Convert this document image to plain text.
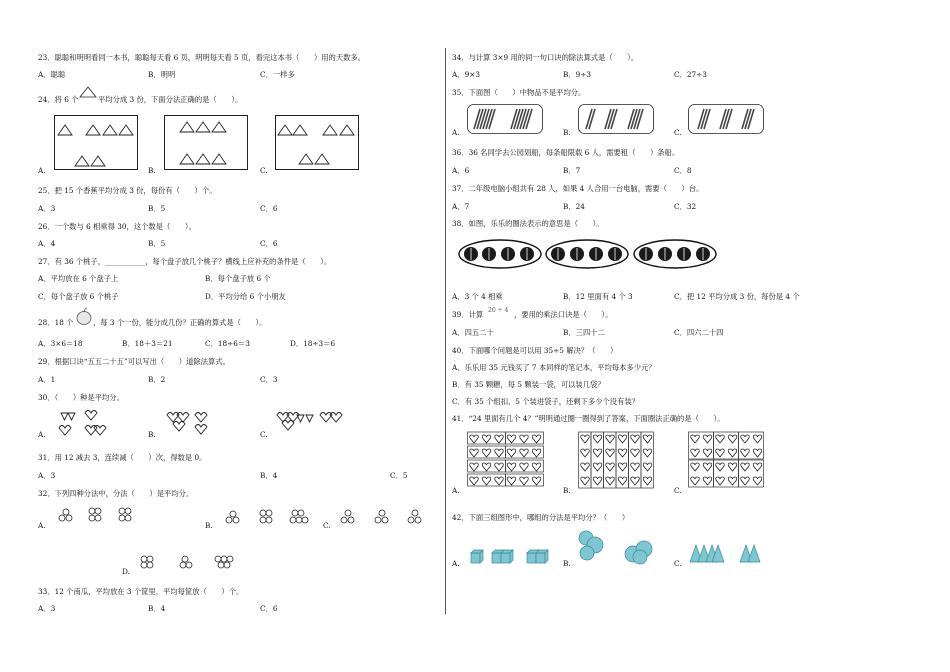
23．聪聪和明明看同一本书，聪聪每天看 6 页，明明每天看 5 页，看完这本书（　　）用的天数多。
A．聪聪	B．明明	C．一样多
24．将 6 个	平均分成 3 份，下面分法正确的是（　　）。
A.	B.	C.
25．把 15 个香蕉平均分成 3 份，每份有（　　）个。
A．3	B．5	C．6
26．一个数与 6 相乘得 30，这个数是（　　）。
A．4	B．5	C．6
27．有 36 个桃子，___________，每个盘子放几个桃子？横线上应补充的条件是（　　）。
A．平均放在 6 个盘子上	B．每个盘子放 6 个
C．每个盘子放 6 个桃子	D．平均分给 6 个小朋友
28．18 个	，每 3 个一份，能分成几份？正确的算式是（　　）。
A．3×6＝18	B．18＋3＝21	C．18÷6＝3	D．18÷3＝6
29．根据口诀“五五二十五”可以写出（　　）道除法算式。
A．1	B．2	C．3
30．（　　）种是平均分。
A.	B.	C.
31．用 12 减去 3，连续减（　　）次，得数是 0。
A．3	B．4	C．5
32．下列四种分法中，分法（　　）是平均分。
A.	B.	C.
D.
33．12 个南瓜，平均放在 3 个筐里，平均每筐放（　　）个。
A．3	B．4	C．6
34．与计算 3×9 用的同一句口诀的除法算式是（　　）。
A．9×3	B．9÷3	C．27÷3
35．下面图（　　）中物品不是平均分。
A.	B.	C.
36．36 名同学去公园划船，每条船限载 6 人，需要租（　　）条船。
A．6	B．7	C．8
37．二年级电脑小组共有 28 人，如果 4 人合用一台电脑，需要（　　）台。
A．7	B．24	C．32
38．如图，乐乐的圈法表示的意思是（　　）。
A．3 个 4 相乘	B．12 里面有 4 个 3	C．把 12 平均分成 3 份，每份是 4 个
39．计算 20 ÷ 4 ，要用的乘法口诀是（　　）。
A．四五二十	B．三四十二	C．四六二十四
40．下面哪个问题是可以用 35÷5 解决？（　　）
A．乐乐用 35 元钱买了 7 本同样的笔记本，平均每本多少元？
B．有 35 颗糖，每 5 颗装一袋，可以装几袋？
C．有 35 个组扣，5 个装进袋子，还剩下多少个没有装？
41．“24 里面有几个 4？”明明通过圈一圈得到了答案，下面圈法正确的是（　　）。
A.	B.	C.
42．下面三组图形中，哪组的分法是平均分？（　　）
A.	B.	C.
